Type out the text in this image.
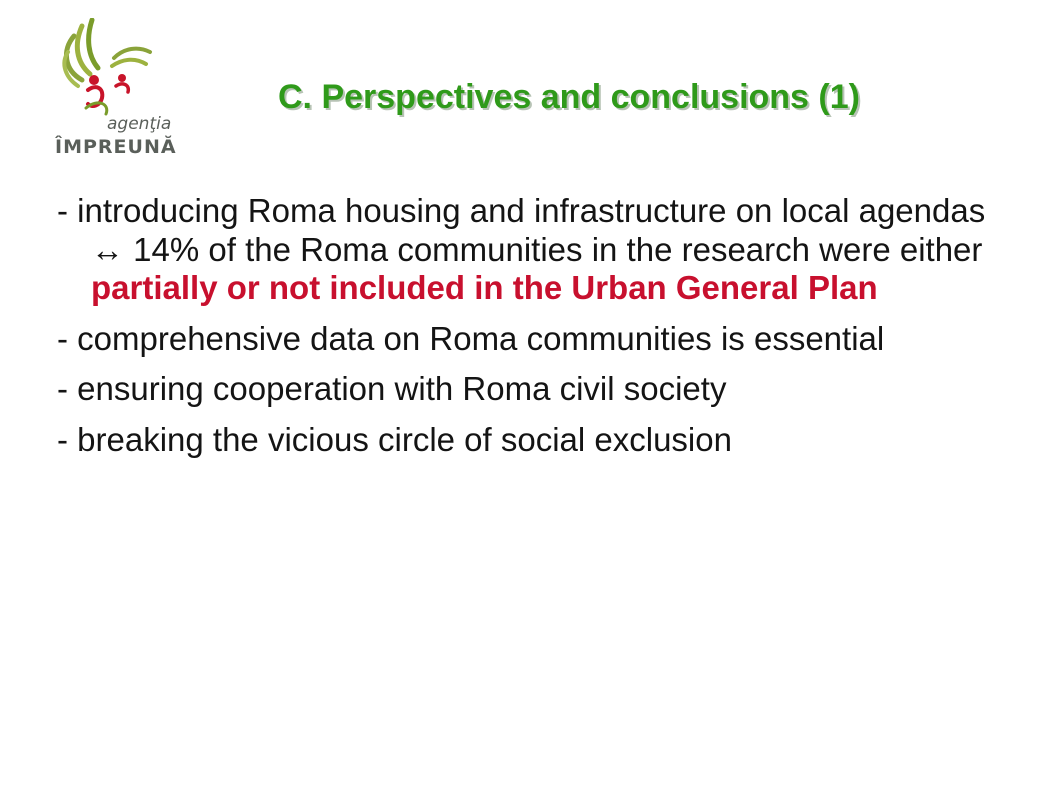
agenţia
ÎMPREUNĂ
C. Perspectives and conclusions (1)
- introducing Roma housing and infrastructure on local agendas ↔ 14% of the Roma communities in the research were either partially or not included in the Urban General Plan
- comprehensive data on Roma communities is essential
- ensuring cooperation with Roma civil society
- breaking the vicious circle of social exclusion
